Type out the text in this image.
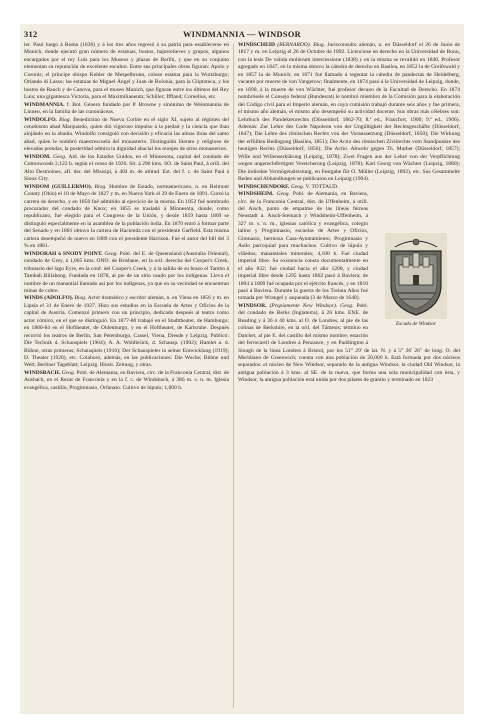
312	WINDMANNIA — WINDSOR

ler. Pasó luego á Roma (1836) y á los tres años regresó á su patria para establecerse en Munich, donde ejecutó gran número de estatuas, bustos, bajorrelieves y grupos, algunos encargados por el rey Luis para los Museos y plazas de Berlín, y que en su conjunto elementan su reputación de excelente escultor. Entre sus principales obras figuran: Apolo y Coronis; el príncipe obispo Kehler de Mespelbrunn, coloso estatua para la Wurtzburgo; Orlando di Lasso; las estatuas de Miguel Ángel y Juan de Bolonia, para la Gliptoteca, y los bustos de Rauch y de Canova, para el museo Munich, que figuran entre los últimos del Rey Luis; una gigantesca Victoria, para el Maximilianeum; Schiller; Iffland; Cornelius, etc.

WINDMANNIA. f. Bot. Género fundado por P. Browne y sinónimo de Weinmannia de Linneo, en la familia de las cunoniáceas.

WINDOLFO. Biog. Benedictino de Nueva Corbie en el siglo XI, sujeto al régimen del cenobismo abad Marquardo, quien dió vigoroso impulso á la piedad y la ciencia que iban alojándo en la abadía. Windolfo consiguió con decisión y eficacia las almas ibras del santo abad, quien le nombró maestrescuela del monasterio. Distinguido literato y religioso de elevadas prendas, la posteridad admira la dignidad abacial los monjes de otros monasterios.

WINDOM. Geog. Ald. de los Estados Unidos, en el Minnesota, capital del condado de Cottonwoods 2,122 h. según el censo de 1920. Sit. á 290 kms. SO. de Saint Paul, á orill. del Alto Desmoines, afl. der. del Misisipí, á 404 m. de altitud. Est. del f. c. de Saint Paul á Sioux City.

WINDOM (GUILLERMO). Biog. Hombre de Estado, norteamericano, n. en Belmont County (Ohio) el 10 de Mayo de 1827 y m. en Nueva York el 29 de Enero de 1891. Cursó la carrera de derecho, y en 1850 fué admitido al ejercicio de la misma. En 1852 fué nombrado procurador del condado de Knox; en 1855 se trasladó á Minnesota, donde, como republicano, fué elegido para el Congreso de la Unión, y desde 1859 hasta 1869 se distinguió especialmente en la asamblea de la población india. En 1870 entró á formar parte del Senado y en 1881 obtuvo la cartera de Hacienda con el presidente Garfield. Esta misma cartera desempeñó de nuevo en 1889 con el presidente Harrison. Fué el autor del bill del 3 % en 1881.

WINDORAH ó SNODY POINT. Geog. Pobl. del E. de Queensland (Australia Oriental), condado de Grey, á 1,065 kms. ONO. de Brisbane, en la oril. derecha del Cooper's Creek, tributario del lago Eyre, en la conf. del Cooper's Creek, y á la salida de su brazo el Tambo á Tambah Billabong. Fundada en 1878, al pie de un sitio usado por los indígenas. Lleva el nombre de un manantial llamado así por los indígenas, ya que en su vecindad se encuentran minas de cobre.

WINDS (ADOLFO). Biog. Actor dramático y escritor alemán, n. en Viena en 1856 y m. en Lipsia el 31 de Enero de 1927. Hizo sus estudios en la Escuela de Artes y Oficios de la capital de Austria. Comenzó primero con un principio, dedicado después al teatro como actor cómico, en el que se distinguió. En 1877-80 trabajó en el Stadttheater, de Hamburgo; en 1880-84 en el Hoftheater, de Oldenburgo, y en el Hoftheater, de Karlsruhe. Después recorrió los teatros de Berlín, San Petersburgo, Cassel, Viena, Dresde y Leipzig. Publicó: Die Technik d. Schauspiels (1904); A. A. Wohlbrück, d. Schausp. (1902); Hamlet a. d. Bühne, otras primeras; Schauspiels (1916); Der Schauspieler in seiner Entwicklung (1919); D. Theater (1920), etc. Colaboró, además, en las publicaciones: Die Woche; Bühne und Welt; Berliner Tageblatt; Leipzig. Illustr. Zeitung, y otras.

WINDSBACH. Geog. Pobl. de Alemania, en Baviera, circ. de la Franconia Central, dist. de Ansbach, en el Rezat de Franconia y en la f. c. de Windsbach, á 386 m. s. n. m. Iglesia evangélica, castillo, Progimnasio, Orfanato. Cultivo de lúpulo; 1,800 h.

WINDSCHEID (BERNARDO). Biog. Jurisconsulto alemán, n. en Düsseldorf el 26 de Junio de 1817 y m. en Leipzig el 26 de Octubre de 1892. Licenciose en derecho en la Universidad de Bonn, con la tesis De valida mulierum intercessione (1838) y en la misma se revalidó en 1840. Profesor agregado en 1847, en la misma obtuvo la cátedra de derecho en Basilea, en 1852 la de Greifswald y en 1857 la de Munich; en 1871 fué llamado á regentar la cátedra de pandectas de Heidelberg, vacante por muerte de von Vangerow; finalmente, en 1874 pasó á la Universidad de Leipzig, donde, en 1890, á la muerte de von Wächter, fué profesor decano de la Facultad de Derecho. En 1874 nombrósele el Consejo federal (Bundesrat) le nombró miembro de la Comisión para la elaboración del Código civil para el Imperio alemán, en cuya comisión trabajó durante seis años y fue primera, el mismo año alemán, el mismo año desempeñó su actividad docente. Sus obras más célebres son: Lehrbuch des Pandektenrechts (Düsseldorf, 1862-70; 8.ª ed., Francfort, 1900; 9.ª ed., 1906). Además: Zur Lehre des Code Napoleon von der Ungültigkeit der Rechtsgeschäfte (Düsseldorf, 1847); Die Lehre des römischen Rechts von der Voraussetzung (Düsseldorf, 1850); Die Wirkung der erfüllten Bedingung (Basilea, 1851); Die Actio des römischen Zivilrechts vom Standpunkte des heutigen Rechts (Düsseldorf, 1856); Die Actio. Abwehr gegen Th. Muther (Düsseldorf, 1857); Wille und Willenserklärung (Leipzig, 1878); Zwei Fragen aus der Lehre von der Verpflichtung wegen ungerechtfertigter Vereicherung (Leipzig, 1878); Karl Georg von Wächter (Leipzig, 1880); Die indirekte Vermögensleistung, en Festgabe für O. Müller (Leipzig, 1892), etc. Sus Gesammelte Reden und Abhandlungen se publicaron en Leipzig (1904).

WINDSCHENDORF. Geog. V. TOTTAUD.

Escudo de Windsor

WINDSHEIM. Geog. Pobl. de Alemania, en Baviera, circ. de la Franconia Central, dist. de Uffenheim, á orill. del Aisch, punto de empalme de las líneas férreas Neustadt a. Aisch-Steinach y Windsheim-Uffenheim, á 327 m. s. n. m., iglesias católica y evangélica, colegio latino y Progimnasio, escuelas de Artes y Oficios, Gimnasio, hermosa Casa-Ayuntamiento, Progimnasio y Asilo parroquial para muchachos. Cultivo de lúpulo y viñedos; manantiales minerales; 4,100 h. Fué ciudad imperial libre. Su existencia consta documentalmente en el año 832; fué ciudad hacia el año 1200, y ciudad imperial libre desde 1295 hasta 1802 pasó á Baviera; de 1804 á 1809 fué ocupada por el ejército francés, y en 1810 pasó á Baviera. Durante la guerra de los Treinta Años fué tomada por Wrangel y saqueada (3 de Marzo de 1648).

WINDSOR. (Propiamente New Windsor). Geog. Pobl. del condado de Berks (Inglaterra), á 26 kms. ENE. de Reading y á 36 ó 40 kms. al O. de Londres, al pie de las colinas de Berkshire, en la oril. del Támesis; término en Datchet, al pie E. del castillo del mismo nombre; estación del ferrocarril de Londres á Penzance, y en Paddington á Slough de la línea Londres á Bristol, por los 51° 29' de lat. N. y á 5° 36' 26" de long. O. del Meridiano de Greenwich; cuenta con una población de 20,000 h. Está formada por dos núcleos separados: el núcleo de New Windsor, separado de la antigua Windsor, la ciudad Old Windsor, la antigua población á 3 kms. al SE. de la nueva, que forma una sola municipalidad con ésta, y Windsor, la antigua población está unida por dos pilares de granito y terminado en 1823
